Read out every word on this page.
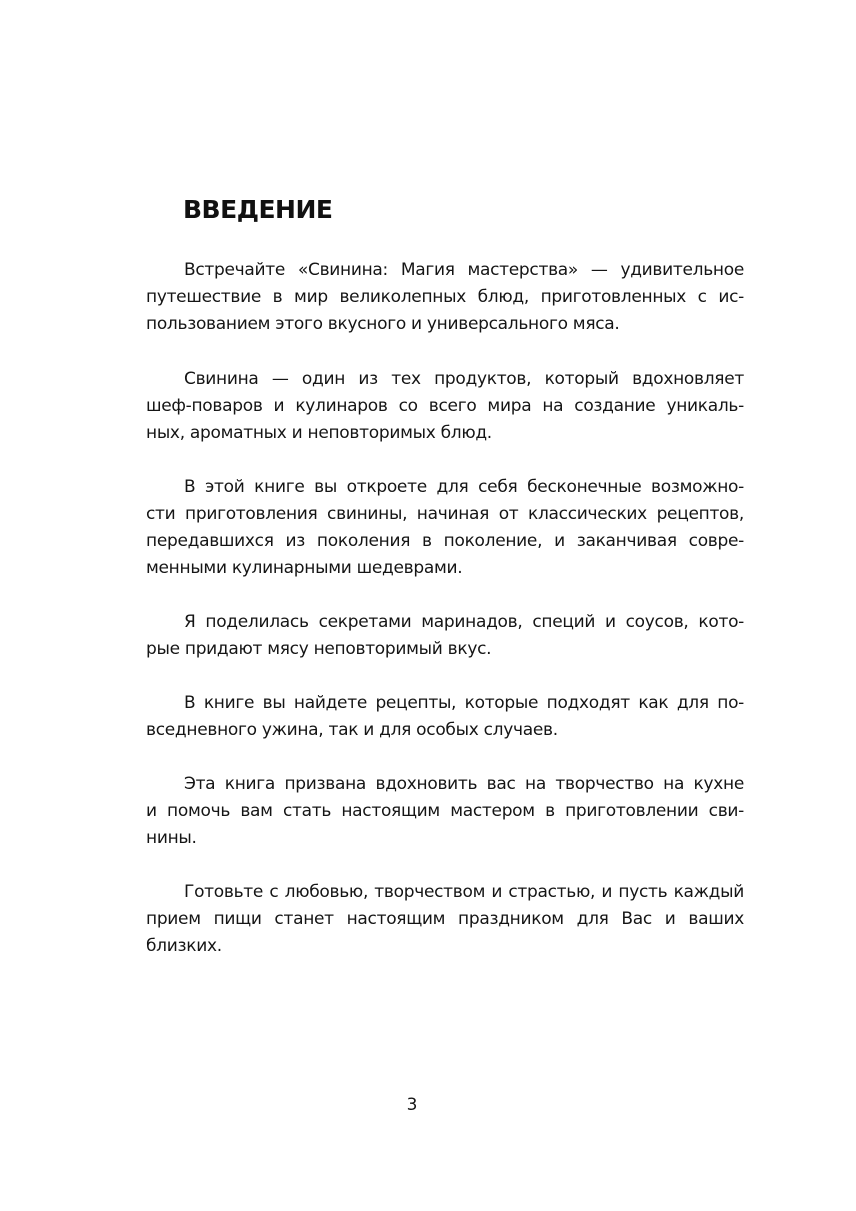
ВВЕДЕНИЕ
Встречайте «Свинина: Магия мастерства» — удивительное
путешествие в мир великолепных блюд, приготовленных с ис-
пользованием этого вкусного и универсального мяса.
Свинина — один из тех продуктов, который вдохновляет
шеф-поваров и кулинаров со всего мира на создание уникаль-
ных, ароматных и неповторимых блюд.
В этой книге вы откроете для себя бесконечные возможно-
сти приготовления свинины, начиная от классических рецептов,
передавшихся из поколения в поколение, и заканчивая совре-
менными кулинарными шедеврами.
Я поделилась секретами маринадов, специй и соусов, кото-
рые придают мясу неповторимый вкус.
В книге вы найдете рецепты, которые подходят как для по-
вседневного ужина, так и для особых случаев.
Эта книга призвана вдохновить вас на творчество на кухне
и помочь вам стать настоящим мастером в приготовлении сви-
нины.
Готовьте с любовью, творчеством и страстью, и пусть каждый
прием пищи станет настоящим праздником для Вас и ваших
близких.
3
